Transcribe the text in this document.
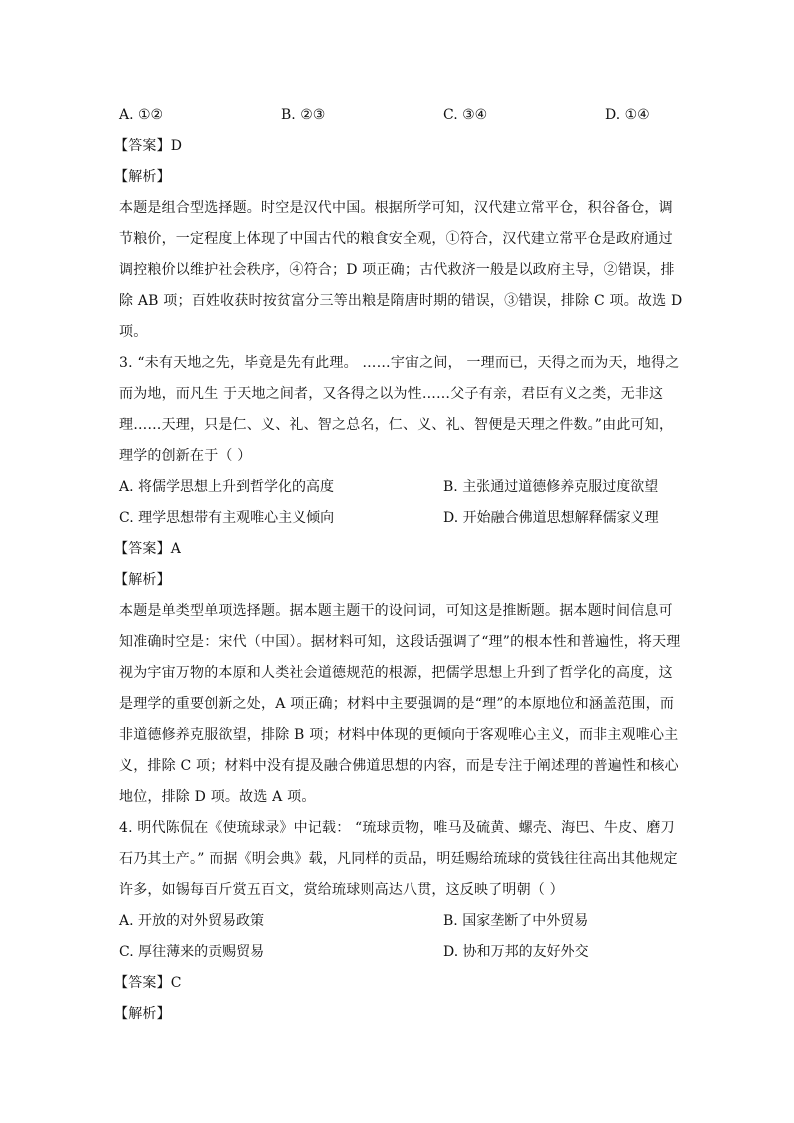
A. ①②	B. ②③	C. ③④	D. ①④
【答案】D
【解析】
本题是组合型选择题。时空是汉代中国。根据所学可知，汉代建立常平仓，积谷备仓，调
节粮价，一定程度上体现了中国古代的粮食安全观，①符合，汉代建立常平仓是政府通过
调控粮价以维护社会秩序，④符合；D 项正确；古代救济一般是以政府主导，②错误，排
除 AB 项；百姓收获时按贫富分三等出粮是隋唐时期的错误，③错误，排除 C 项。故选 D
项。
3. “未有天地之先，毕竟是先有此理。 ……宇宙之间， 一理而已，天得之而为天，地得之
而为地，而凡生 于天地之间者，又各得之以为性……父子有亲，君臣有义之类，无非这
理……天理，只是仁、义、礼、智之总名，仁、义、礼、智便是天理之件数。”由此可知，
理学的创新在于（ ）
A. 将儒学思想上升到哲学化的高度	B. 主张通过道德修养克服过度欲望
C. 理学思想带有主观唯心主义倾向	D. 开始融合佛道思想解释儒家义理
【答案】A
【解析】
本题是单类型单项选择题。据本题主题干的设问词，可知这是推断题。据本题时间信息可
知准确时空是：宋代（中国）。据材料可知，这段话强调了“理”的根本性和普遍性，将天理
视为宇宙万物的本原和人类社会道德规范的根源，把儒学思想上升到了哲学化的高度，这
是理学的重要创新之处，A 项正确；材料中主要强调的是“理”的本原地位和涵盖范围，而
非道德修养克服欲望，排除 B 项；材料中体现的更倾向于客观唯心主义，而非主观唯心主
义，排除 C 项；材料中没有提及融合佛道思想的内容，而是专注于阐述理的普遍性和核心
地位，排除 D 项。故选 A 项。
4. 明代陈侃在《使琉球录》中记载： “琉球贡物，唯马及硫黄、螺壳、海巴、牛皮、磨刀
石乃其土产。” 而据《明会典》载，凡同样的贡品，明廷赐给琉球的赏钱往往高出其他规定
许多，如锡每百斤赏五百文，赏给琉球则高达八贯，这反映了明朝（ ）
A. 开放的对外贸易政策	B. 国家垄断了中外贸易
C. 厚往薄来的贡赐贸易	D. 协和万邦的友好外交
【答案】C
【解析】
